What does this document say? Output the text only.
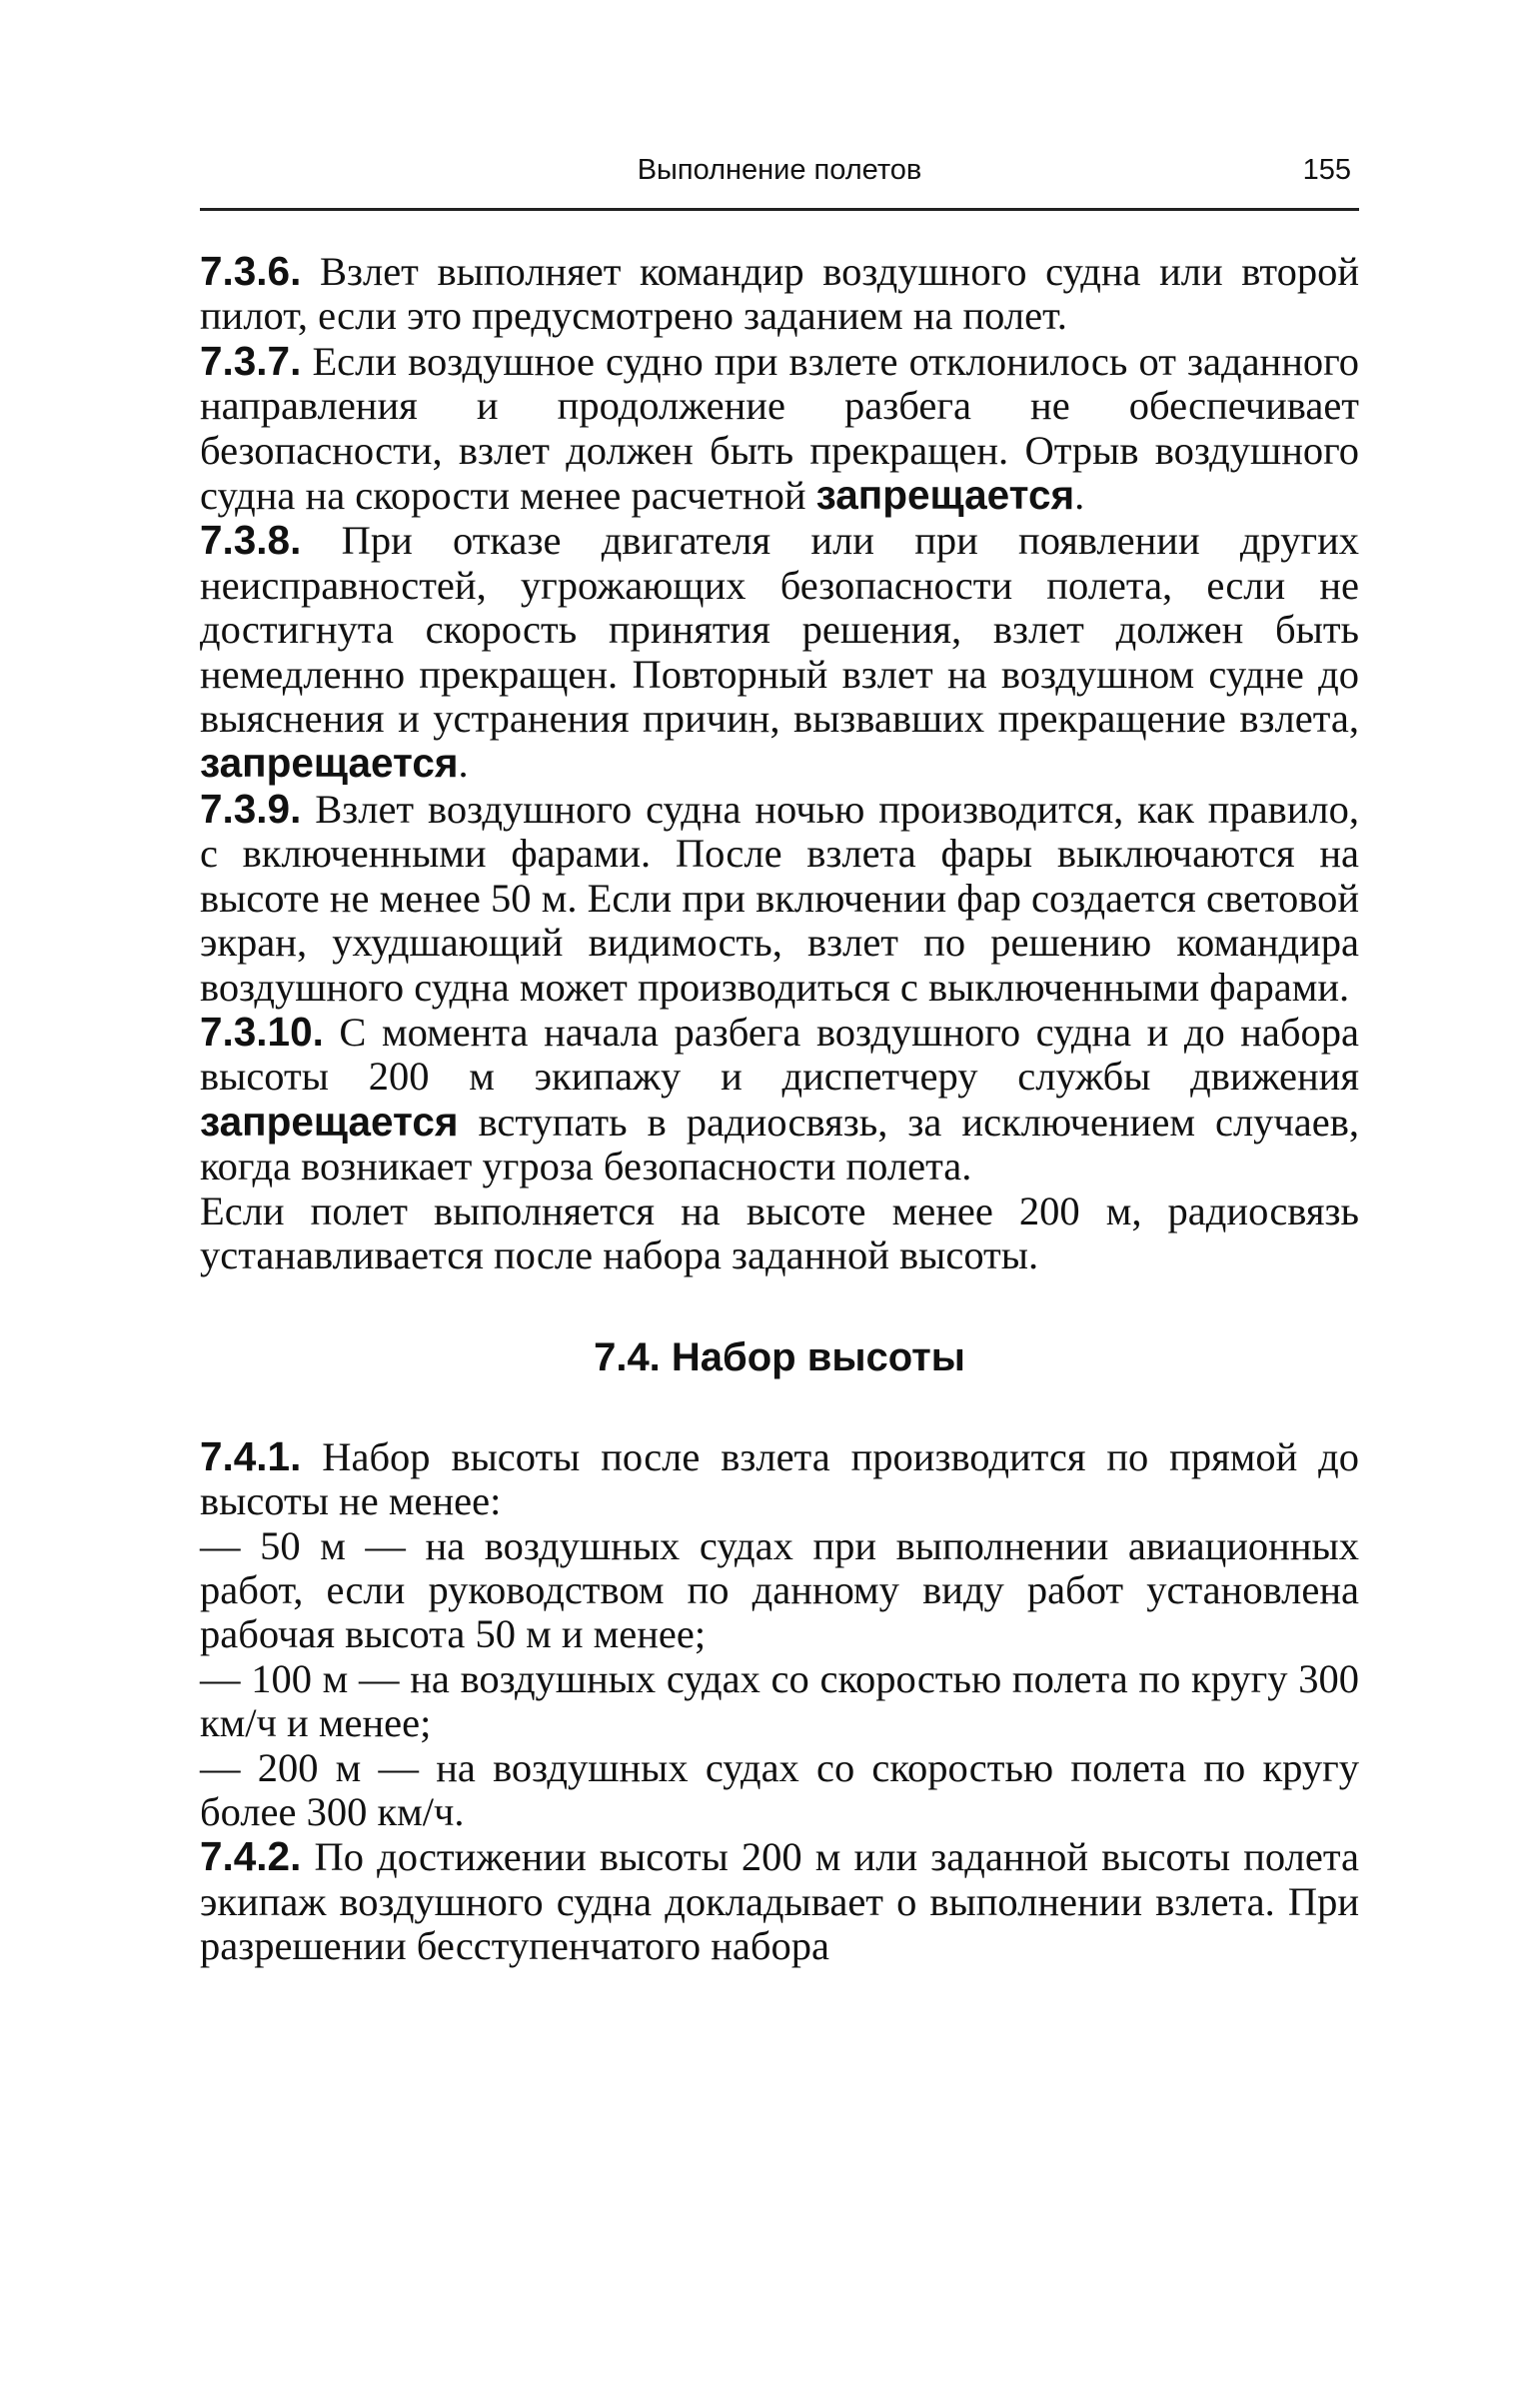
Выполнение полетов	155

7.3.6. Взлет выполняет командир воздушного судна или второй пилот, если это предусмотрено заданием на полет.

7.3.7. Если воздушное судно при взлете отклонилось от заданного направления и продолжение разбега не обеспечивает безопасности, взлет должен быть прекращен. Отрыв воздушного судна на скорости менее расчетной запрещается.

7.3.8. При отказе двигателя или при появлении других неисправностей, угрожающих безопасности полета, если не достигнута скорость принятия решения, взлет должен быть немедленно прекращен. Повторный взлет на воздушном судне до выяснения и устранения причин, вызвавших прекращение взлета, запрещается.

7.3.9. Взлет воздушного судна ночью производится, как правило, с включенными фарами. После взлета фары выключаются на высоте не менее 50 м. Если при включении фар создается световой экран, ухудшающий видимость, взлет по решению командира воздушного судна может производиться с выключенными фарами.

7.3.10. С момента начала разбега воздушного судна и до набора высоты 200 м экипажу и диспетчеру службы движения запрещается вступать в радиосвязь, за исключением случаев, когда возникает угроза безопасности полета.

Если полет выполняется на высоте менее 200 м, радиосвязь устанавливается после набора заданной высоты.

7.4. Набор высоты

7.4.1. Набор высоты после взлета производится по прямой до высоты не менее:

— 50 м — на воздушных судах при выполнении авиационных работ, если руководством по данному виду работ установлена рабочая высота 50 м и менее;

— 100 м — на воздушных судах со скоростью полета по кругу 300 км/ч и менее;

— 200 м — на воздушных судах со скоростью полета по кругу более 300 км/ч.

7.4.2. По достижении высоты 200 м или заданной высоты полета экипаж воздушного судна докладывает о выполнении взлета. При разрешении бесступенчатого набора
